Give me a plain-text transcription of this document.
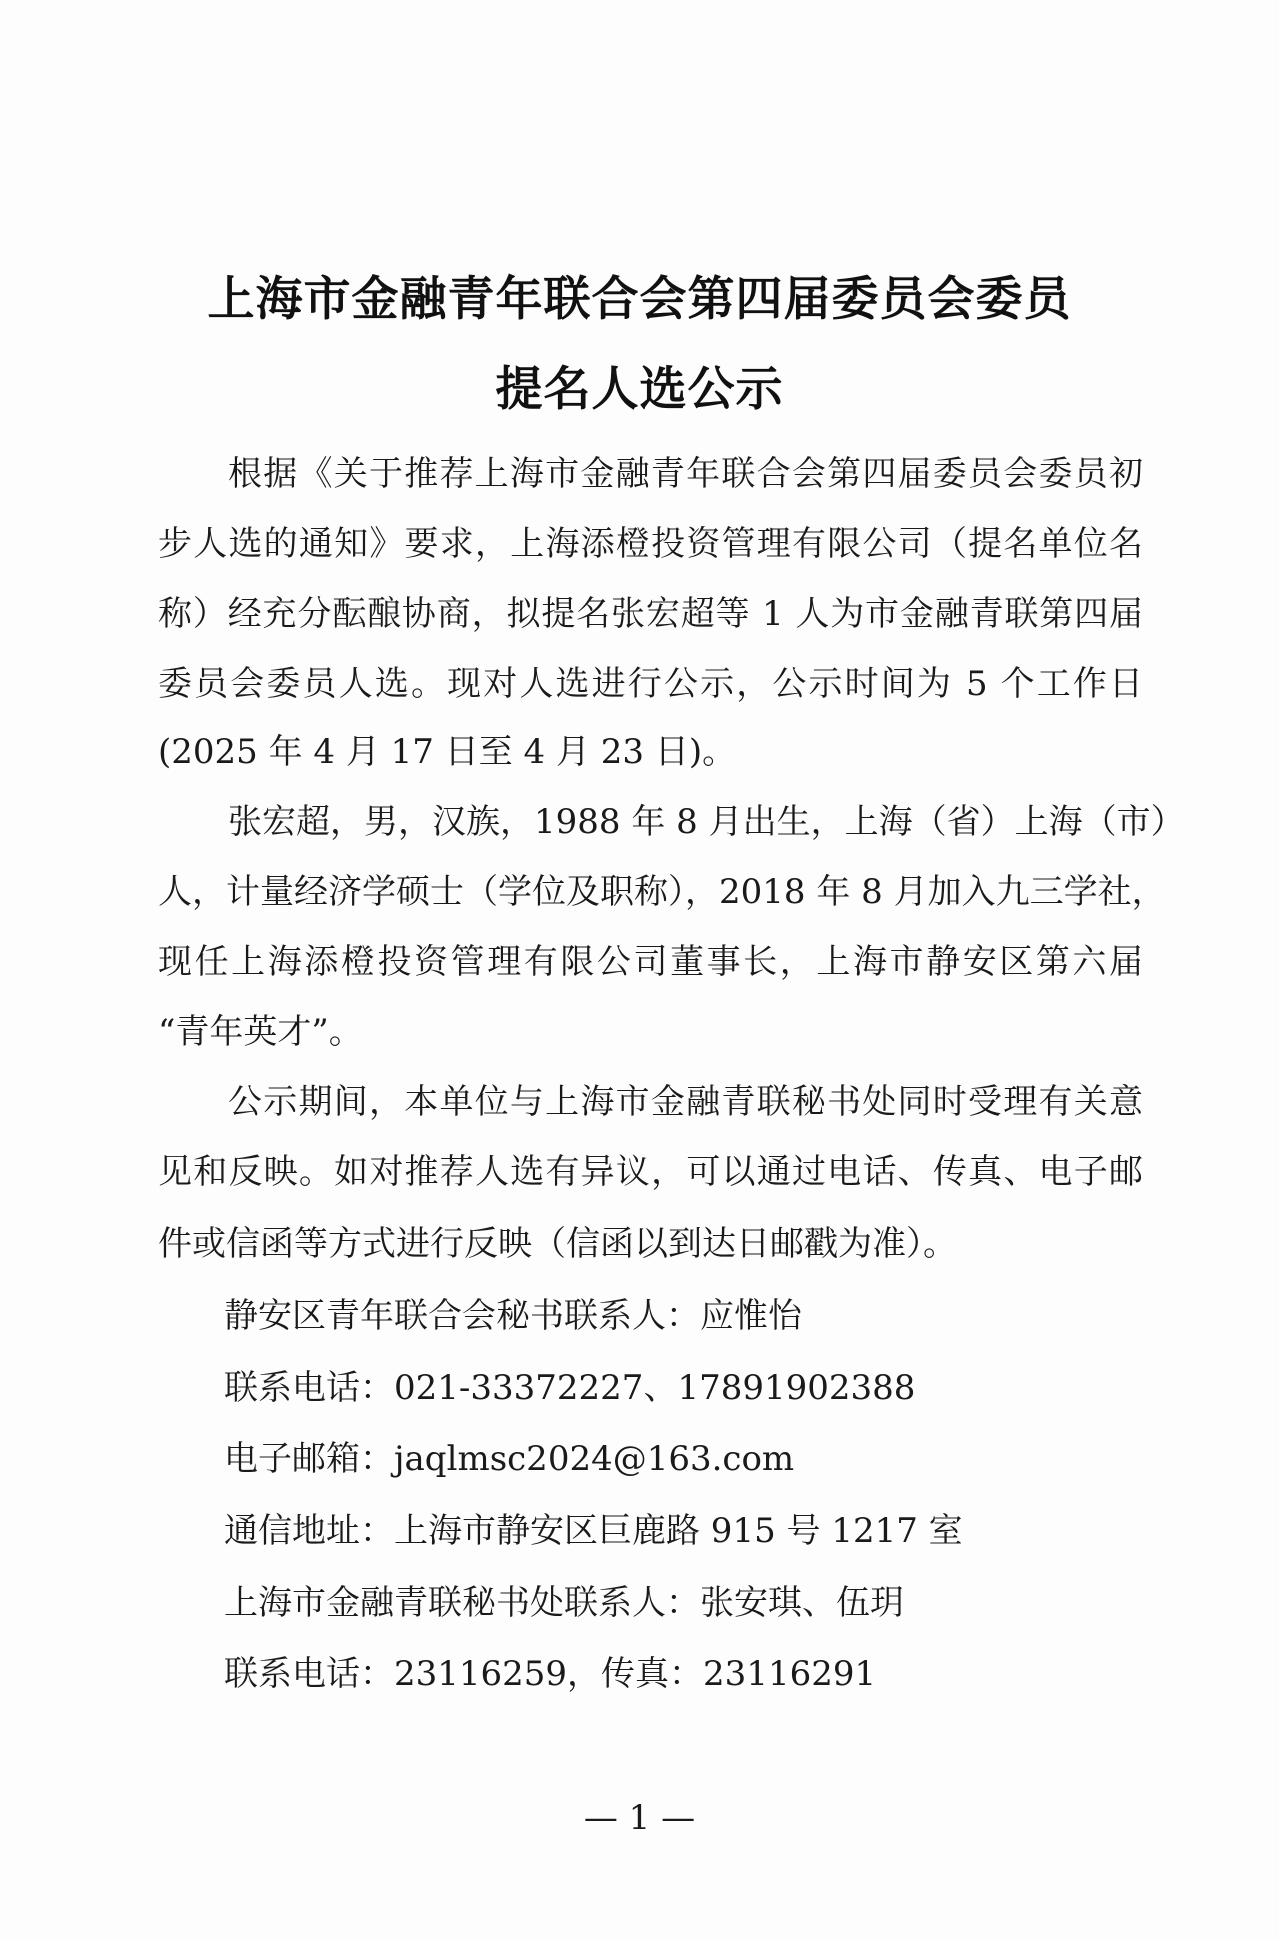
上海市金融青年联合会第四届委员会委员
提名人选公示
根据《关于推荐上海市金融青年联合会第四届委员会委员初
步人选的通知》要求，上海添橙投资管理有限公司（提名单位名
称）经充分酝酿协商，拟提名张宏超等 1 人为市金融青联第四届
委员会委员人选。现对人选进行公示，公示时间为 5 个工作日
(2025 年 4 月 17 日至 4 月 23 日)。
张宏超，男，汉族，1988 年 8 月出生，上海（省）上海（市）
人，计量经济学硕士（学位及职称），2018 年 8 月加入九三学社，
现任上海添橙投资管理有限公司董事长，上海市静安区第六届
“青年英才”。
公示期间，本单位与上海市金融青联秘书处同时受理有关意
见和反映。如对推荐人选有异议，可以通过电话、传真、电子邮
件或信函等方式进行反映（信函以到达日邮戳为准）。
静安区青年联合会秘书联系人：应惟怡
联系电话：021-33372227、17891902388
电子邮箱：jaqlmsc2024@163.com
通信地址：上海市静安区巨鹿路 915 号 1217 室
上海市金融青联秘书处联系人：张安琪、伍玥
联系电话：23116259，传真：23116291
— 1 —
